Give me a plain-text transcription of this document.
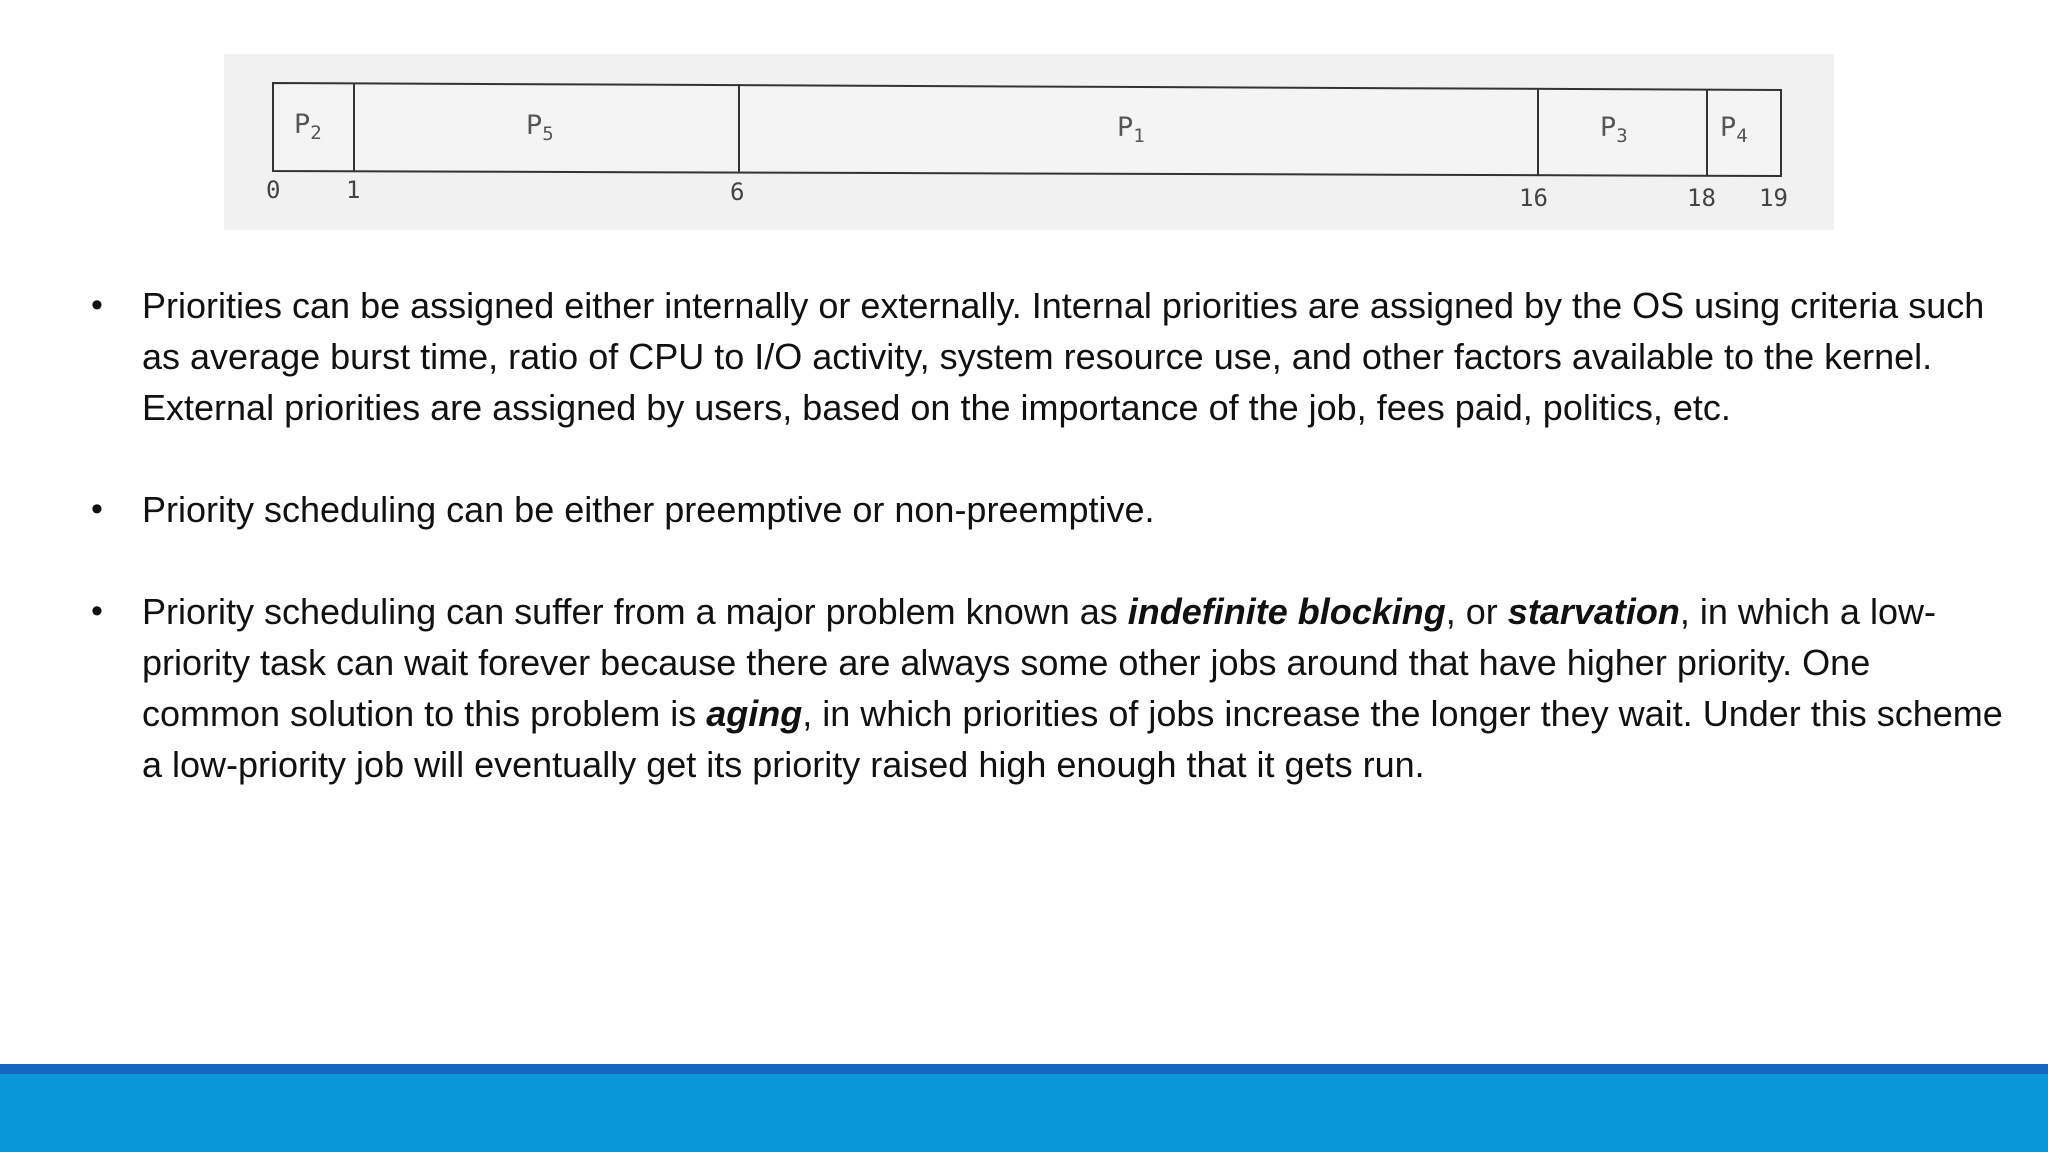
$P_2$	$P_5$	$P_1$	$P_3$	$P_4$
0	1	6	16	18 19
• Priorities can be assigned either internally or externally. Internal priorities are assigned by the OS using criteria such as average burst time, ratio of CPU to I/O activity, system resource use, and other factors available to the kernel. External priorities are assigned by users, based on the importance of the job, fees paid, politics, etc.
• Priority scheduling can be either preemptive or non-preemptive.
• Priority scheduling can suffer from a major problem known as indefinite blocking, or starvation, in which a low-priority task can wait forever because there are always some other jobs around that have higher priority. One common solution to this problem is aging, in which priorities of jobs increase the longer they wait. Under this scheme a low-priority job will eventually get its priority raised high enough that it gets run.
